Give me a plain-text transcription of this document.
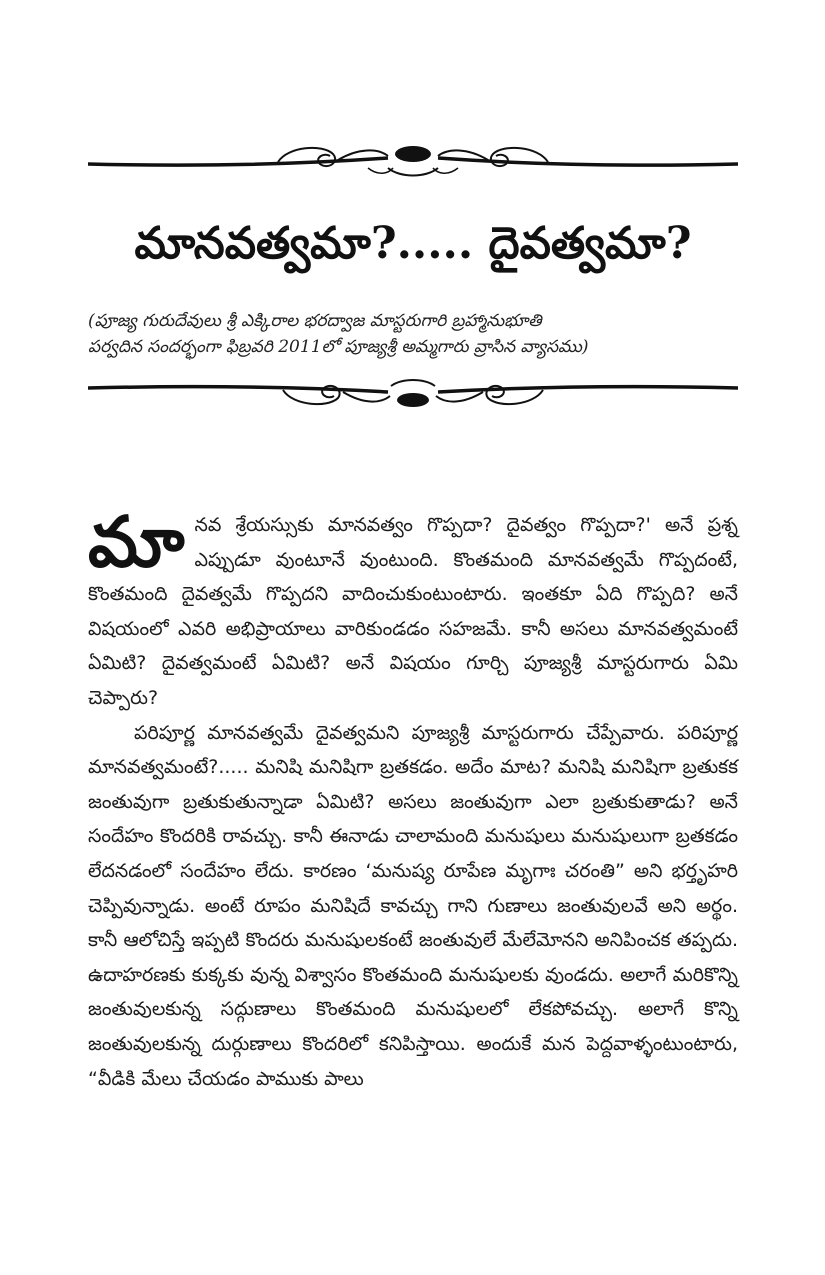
మానవత్వమా?..... దైవత్వమా?
(పూజ్య గురుదేవులు శ్రీ ఎక్కిరాల భరద్వాజ మాస్టరుగారి బ్రహ్మానుభూతి
పర్వదిన సందర్భంగా ఫిబ్రవరి 2011లో పూజ్యశ్రీ అమ్మగారు వ్రాసిన వ్యాసము)

మానవ శ్రేయస్సుకు మానవత్వం గొప్పదా? దైవత్వం గొప్పదా?' అనే ప్రశ్న ఎప్పుడూ వుంటూనే వుంటుంది. కొంతమంది మానవత్వమే గొప్పదంటే, కొంతమంది దైవత్వమే గొప్పదని వాదించుకుంటుంటారు. ఇంతకూ ఏది గొప్పది? అనే విషయంలో ఎవరి అభిప్రాయాలు వారికుండడం సహజమే. కానీ అసలు మానవత్వమంటే ఏమిటి? దైవత్వమంటే ఏమిటి? అనే విషయం గూర్చి పూజ్యశ్రీ మాస్టరుగారు ఏమి చెప్పారు?

పరిపూర్ణ మానవత్వమే దైవత్వమని పూజ్యశ్రీ మాస్టరుగారు చేప్పేవారు. పరిపూర్ణ మానవత్వమంటే?..... మనిషి మనిషిగా బ్రతకడం. అదేం మాట? మనిషి మనిషిగా బ్రతుకక జంతువుగా బ్రతుకుతున్నాడా ఏమిటి? అసలు జంతువుగా ఎలా బ్రతుకుతాడు? అనే సందేహం కొందరికి రావచ్చు. కానీ ఈనాడు చాలామంది మనుషులు మనుషులుగా బ్రతకడం లేదనడంలో సందేహం లేదు. కారణం ‘మనుష్య రూపేణ మృగాః చరంతి” అని భర్తృహరి చెప్పివున్నాడు. అంటే రూపం మనిషిదే కావచ్చు గాని గుణాలు జంతువులవే అని అర్థం. కానీ ఆలోచిస్తే ఇప్పటి కొందరు మనుషులకంటే జంతువులే మేలేమోనని అనిపించక తప్పదు. ఉదాహరణకు కుక్కకు వున్న విశ్వాసం కొంతమంది మనుషులకు వుండదు. అలాగే మరికొన్ని జంతువులకున్న సద్గుణాలు కొంతమంది మనుషులలో లేకపోవచ్చు. అలాగే కొన్ని జంతువులకున్న దుర్గుణాలు కొందరిలో కనిపిస్తాయి. అందుకే మన పెద్దవాళ్ళంటుంటారు, “వీడికి మేలు చేయడం పాముకు పాలు
